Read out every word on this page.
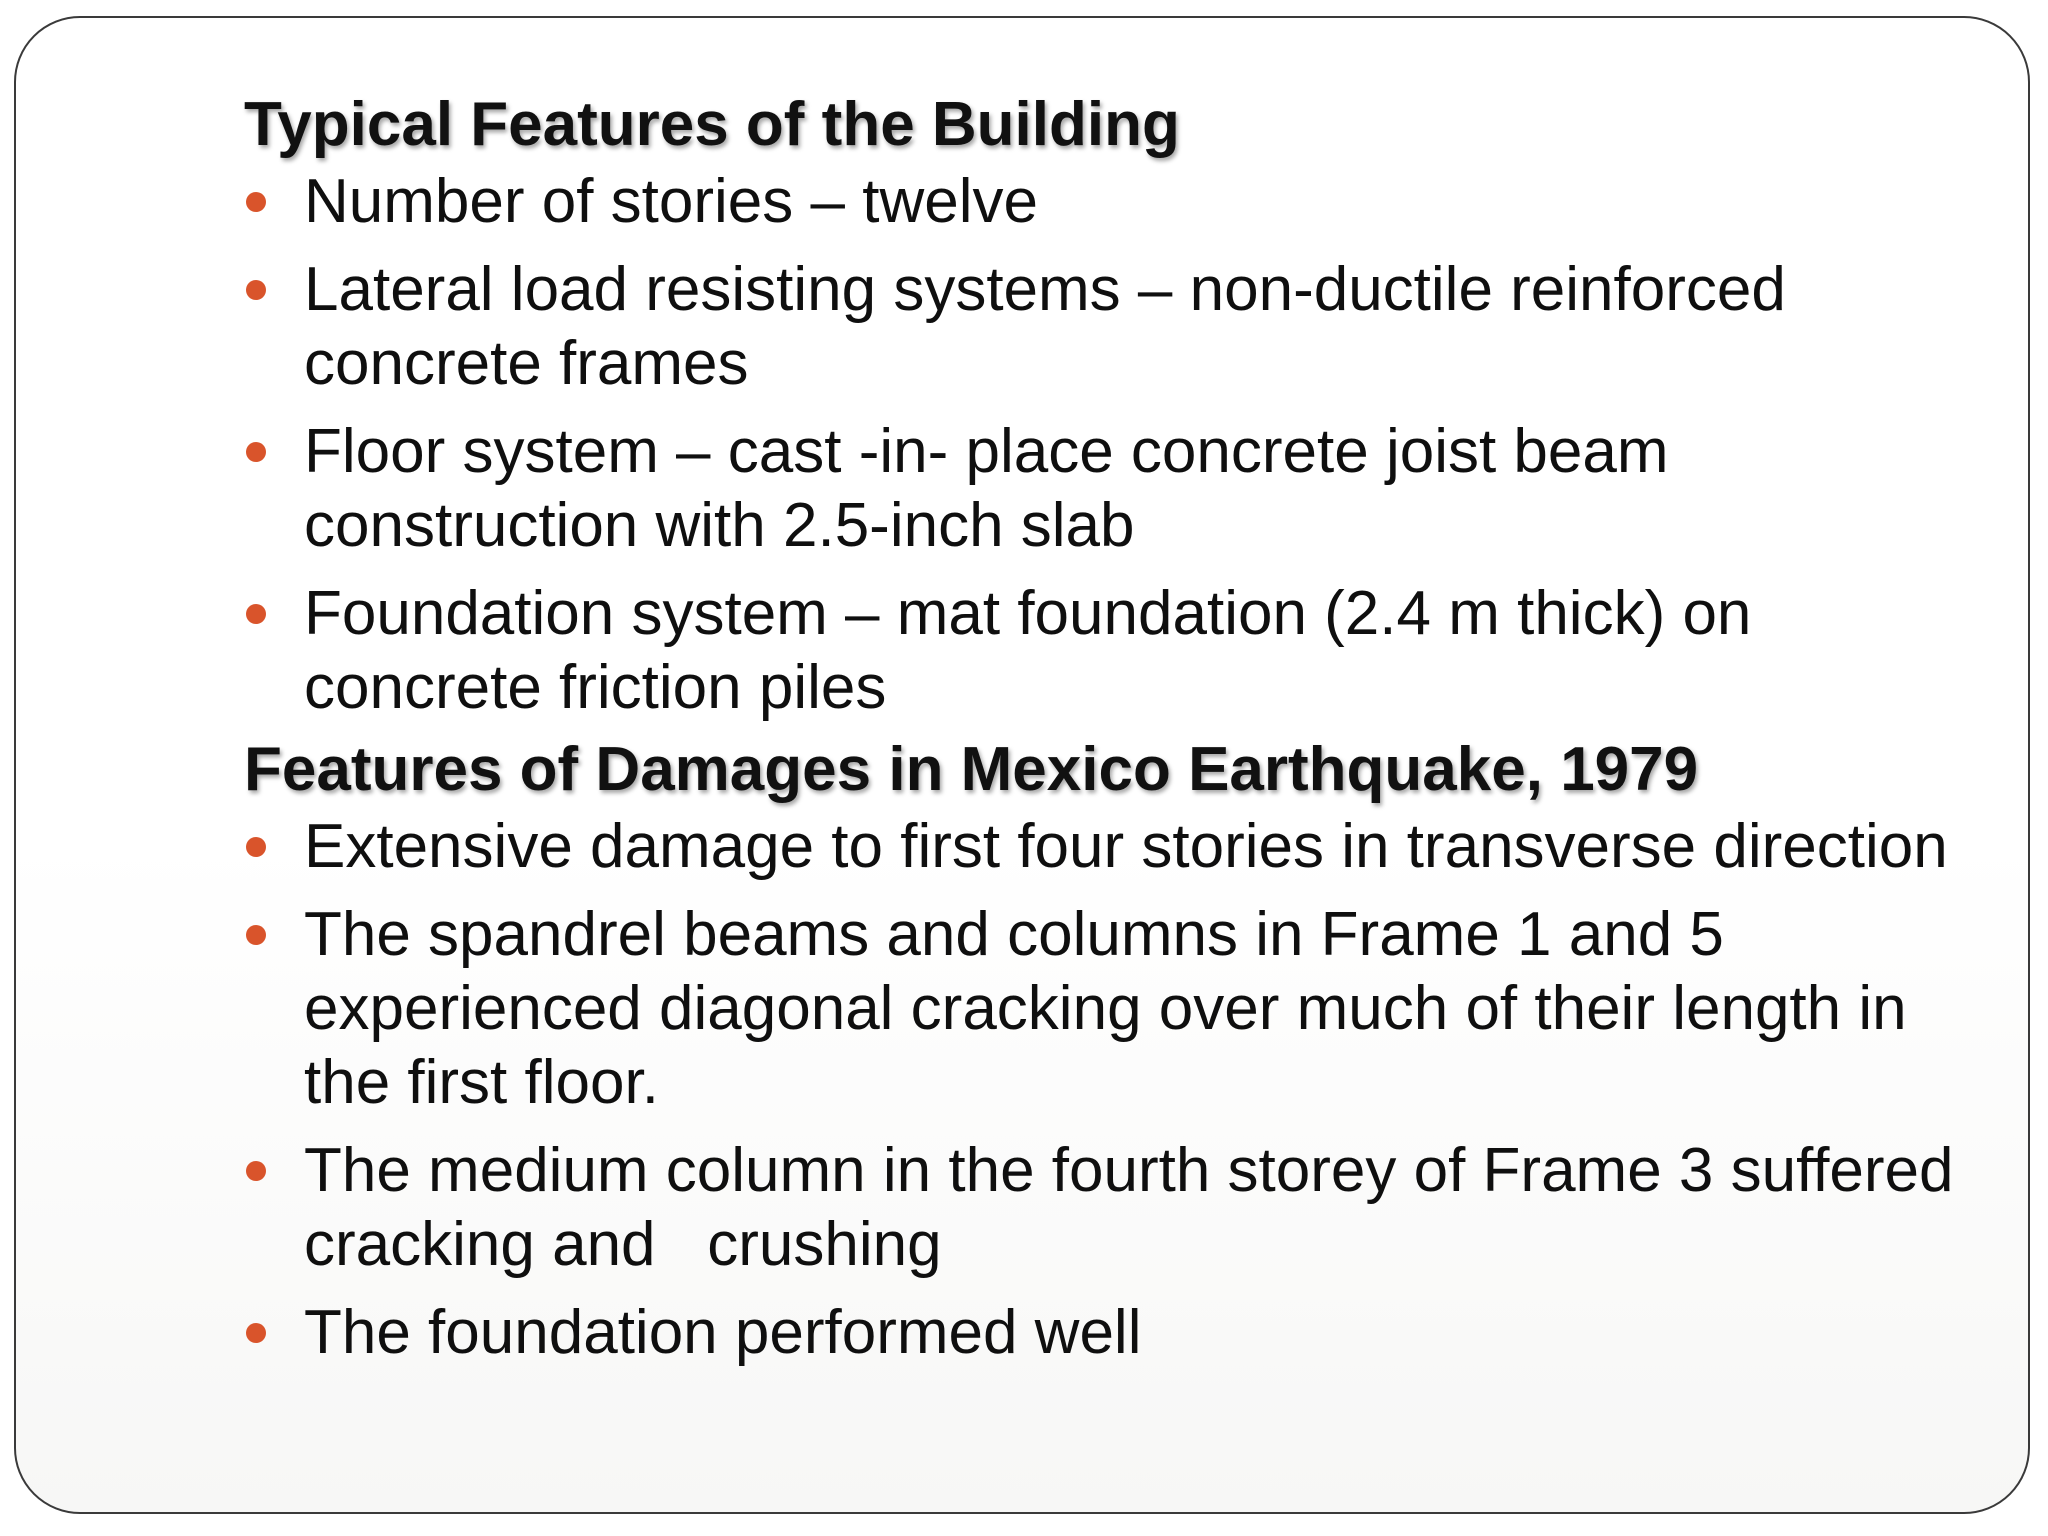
Typical Features of the Building
Number of stories – twelve
Lateral load resisting systems – non-ductile reinforced concrete frames
Floor system – cast -in- place concrete joist beam construction with 2.5-inch slab
Foundation system – mat foundation (2.4 m thick) on concrete friction piles
Features of Damages in Mexico Earthquake, 1979
Extensive damage to first four stories in transverse direction
The spandrel beams and columns in Frame 1 and 5 experienced diagonal cracking over much of their length in the first floor.
The medium column in the fourth storey of Frame 3 suffered cracking and   crushing
The foundation performed well
